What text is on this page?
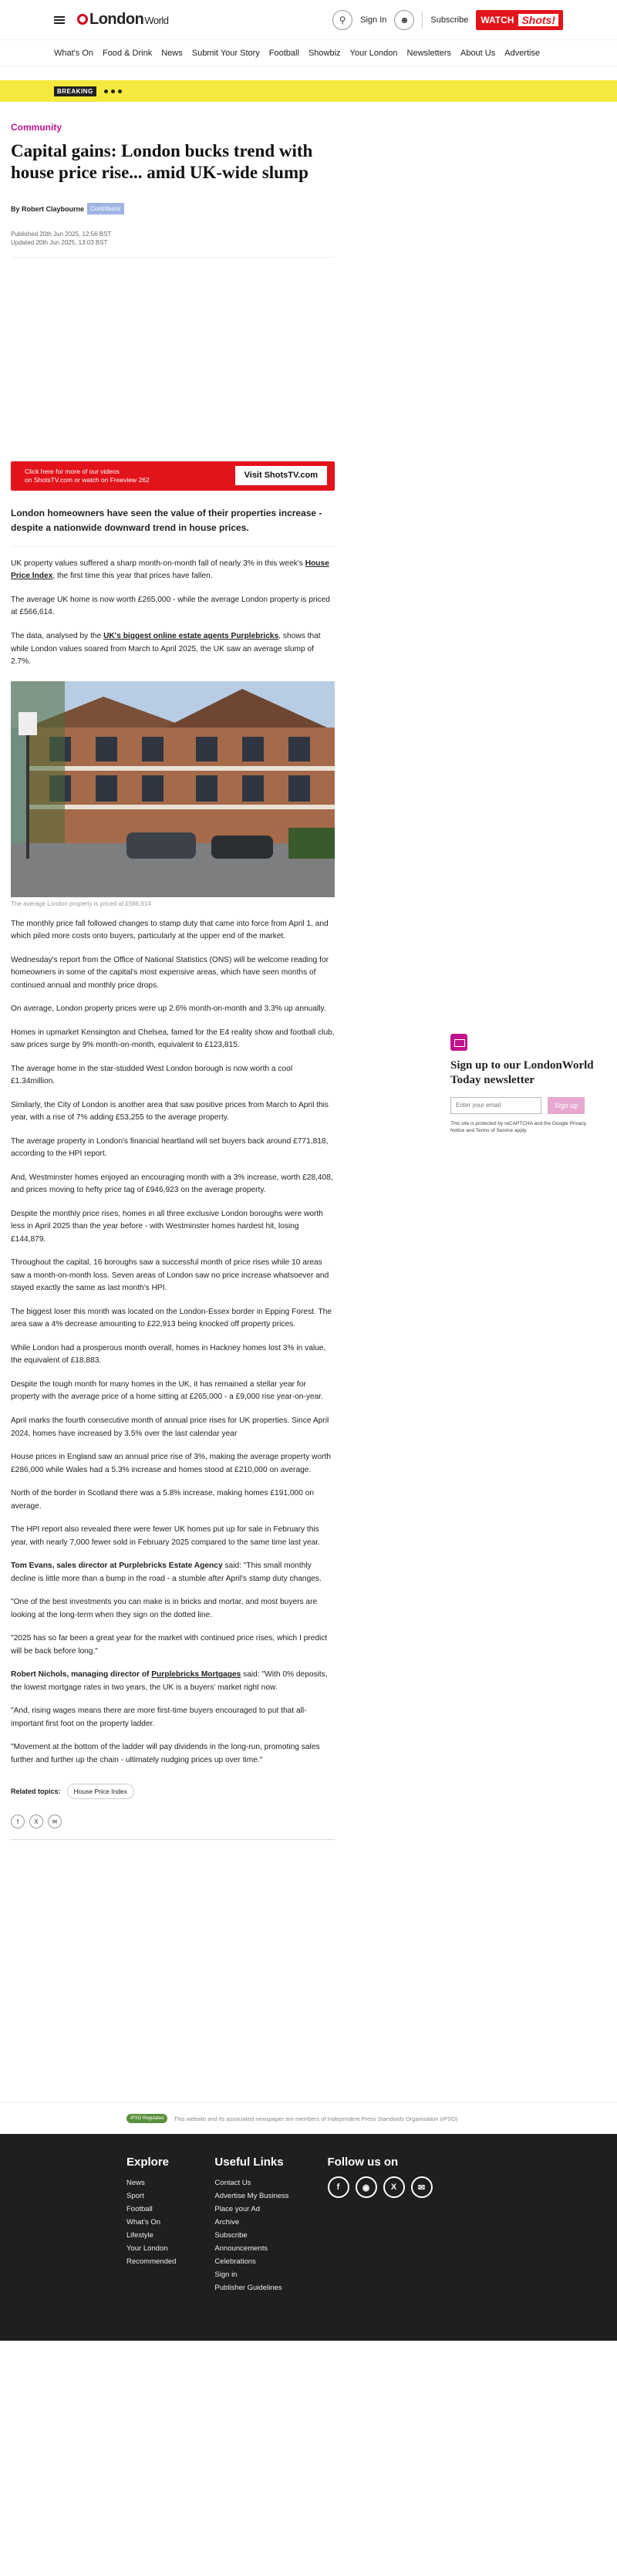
London World	⚲	Sign In	☻	Subscribe WATCH Shots!
What's On Food & Drink News Submit Your Story Football Showbiz Your London Newsletters About Us Advertise
BREAKING
Community
Capital gains: London bucks trend with house price rise... amid UK-wide slump
By Robert Claybourne	Contributor
Published 20th Jun 2025, 12:56 BST
Updated 20th Jun 2025, 13:03 BST
Click here for more of our videos
on ShotsTV.com or watch on Freeview 262	Visit ShotsTV.com

London homeowners have seen the value of their properties increase - despite a nationwide downward trend in house prices.

UK property values suffered a sharp month-on-month fall of nearly 3% in this week's House Price Index, the first time this year that prices have fallen.

The average UK home is now worth £265,000 - while the average London property is priced at £566,614.

The data, analysed by the UK's biggest online estate agents Purplebricks, shows that while London values soared from March to April 2025, the UK saw an average slump of 2.7%.

The average London property is priced at £566,614

The monthly price fall followed changes to stamp duty that came into force from April 1, and which piled more costs onto buyers, particularly at the upper end of the market.

Wednesday's report from the Office of National Statistics (ONS) will be welcome reading for homeowners in some of the capital's most expensive areas, which have seen months of continued annual and monthly price drops.

On average, London property prices were up 2.6% month-on-month and 3.3% up annually.

Homes in upmarket Kensington and Chelsea, famed for the E4 reality show and football club, saw prices surge by 9% month-on-month, equivalent to £123,815.

The average home in the star-studded West London borough is now worth a cool £1.34million.

Similarly, the City of London is another area that saw positive prices from March to April this year, with a rise of 7% adding £53,255 to the average property.

The average property in London's financial heartland will set buyers back around £771,818, according to the HPI report.

And, Westminster homes enjoyed an encouraging month with a 3% increase, worth £28,408, and prices moving to hefty price tag of £946,923 on the average property.

Despite the monthly price rises, homes in all three exclusive London boroughs were worth less in April 2025 than the year before - with Westminster homes hardest hit, losing £144,879.

Throughout the capital, 16 boroughs saw a successful month of price rises while 10 areas saw a month-on-month loss. Seven areas of London saw no price increase whatsoever and stayed exactly the same as last month's HPI.

The biggest loser this month was located on the London-Essex border in Epping Forest. The area saw a 4% decrease amounting to £22,913 being knocked off property prices.

While London had a prosperous month overall, homes in Hackney homes lost 3% in value, the equivalent of £18,883.

Despite the tough month for many homes in the UK, it has remained a stellar year for property with the average price of a home sitting at £265,000 - a £9,000 rise year-on-year.

April marks the fourth consecutive month of annual price rises for UK properties. Since April 2024, homes have increased by 3.5% over the last calendar year

House prices in England saw an annual price rise of 3%, making the average property worth £286,000 while Wales had a 5.3% increase and homes stood at £210,000 on average.

North of the border in Scotland there was a 5.8% increase, making homes £191,000 on average.

The HPI report also revealed there were fewer UK homes put up for sale in February this year, with nearly 7,000 fewer sold in February 2025 compared to the same time last year.

Tom Evans, sales director at Purplebricks Estate Agency said: "This small monthly decline is little more than a bump in the road - a stumble after April's stamp duty changes.

"One of the best investments you can make is in bricks and mortar, and most buyers are looking at the long-term when they sign on the dotted line.

"2025 has so far been a great year for the market with continued price rises, which I predict will be back before long."

Robert Nichols, managing director of Purplebricks Mortgages said: "With 0% deposits, the lowest mortgage rates in two years, the UK is a buyers' market right now.

"And, rising wages means there are more first-time buyers encouraged to put that all-important first foot on the property ladder.

"Movement at the bottom of the ladder will pay dividends in the long-run, promoting sales further and further up the chain - ultimately nudging prices up over time."

Related topics:	House Price Index
f	X	✉
Sign up to our LondonWorld Today newsletter
Enter your email
Sign up
This site is protected by reCAPTCHA and the Google Privacy Notice and Terms of Service apply.
IPSO Regulated	This website and its associated newspaper are members of Independent Press Standards Organisation (IPSO)
Explore
News
Sport
Football
What's On
Lifestyle
Your London
Recommended
Useful Links
Contact Us
Advertise My Business
Place your Ad
Archive
Subscribe
Announcements
Celebrations
Sign in
Publisher Guidelines
Follow us on
f	◉	X	✉
